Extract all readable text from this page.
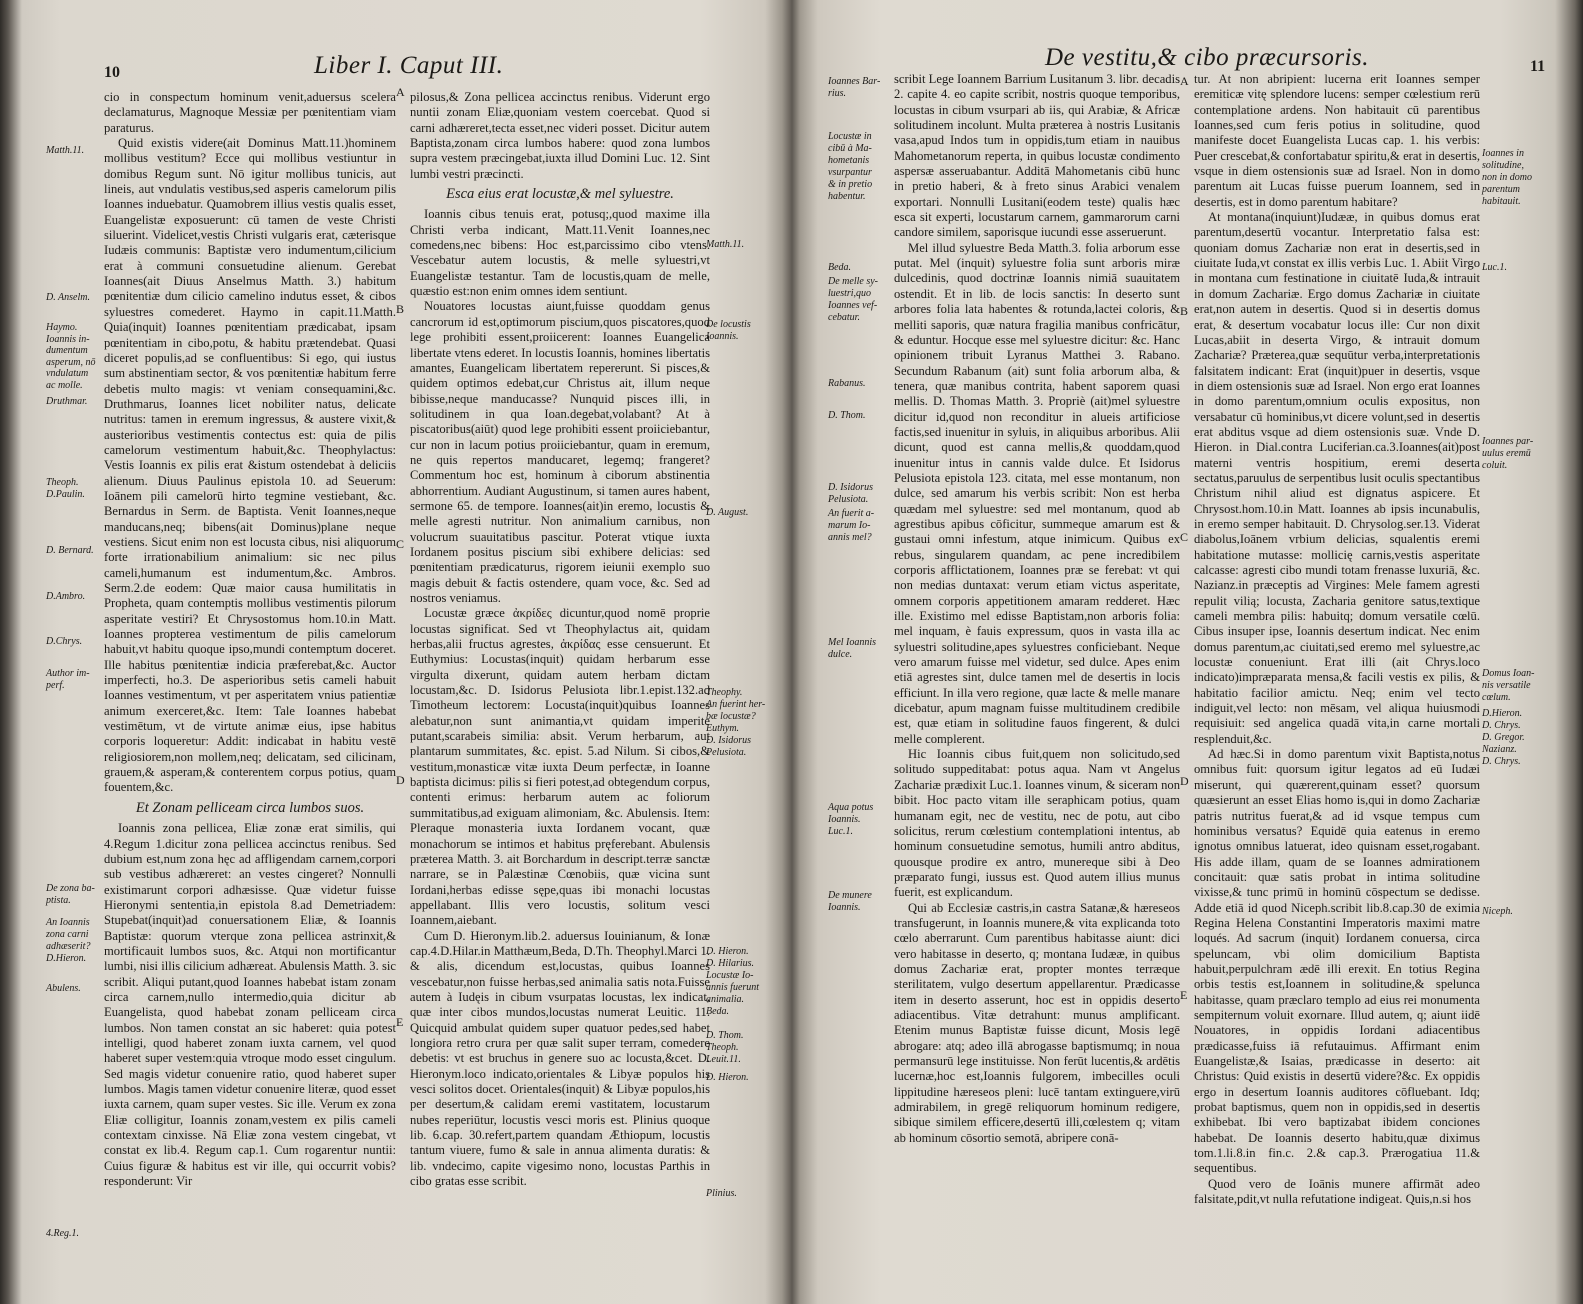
10	Liber I. Caput III.
Matth.11.
D. Anselm.
Haymo.
Ioannis in-
dumentum
asperum, nō
vndulatum
ac molle.
Druthmar.
Theoph.
D.Paulin.
D. Bernard.
D.Ambro.
D.Chrys.
Author im-
perf.
De zona ba-
ptista.
An Ioannis
zona carni
adhæserit?
D.Hieron.
Abulens.
4.Reg.1.

cio in conspectum hominum venit,aduersus scelera declamaturus, Magnoque Messiæ per pœnitentiam viam paraturus.

Quid existis videre(ait Dominus Matt.11.)hominem mollibus vestitum? Ecce qui mollibus vestiuntur in domibus Regum sunt. Nō igitur mollibus tunicis, aut lineis, aut vndulatis vestibus,sed asperis camelorum pilis Ioannes induebatur. Quamobrem illius vestis qualis esset, Euangelistæ exposuerunt: cū tamen de veste Christi siluerint. Videlicet,vestis Christi vulgaris erat, cæterisque Iudæis communis: Baptistæ vero indumentum,cilicium erat à communi consuetudine alienum. Gerebat Ioannes(ait Diuus Anselmus Matth. 3.) habitum pœnitentiæ dum cilicio camelino indutus esset, & cibos syluestres comederet. Haymo in capit.11.Matth. Quia(inquit) Ioannes pœnitentiam prædicabat, ipsam pœnitentiam in cibo,potu, & habitu prætendebat. Quasi diceret populis,ad se confluentibus: Si ego, qui iustus sum abstinentiam sector, & vos pœnitentiæ habitum ferre debetis multo magis: vt veniam consequamini,&c. Druthmarus, Ioannes licet nobiliter natus, delicate nutritus: tamen in eremum ingressus, & austere vixit,& austerioribus vestimentis contectus est: quia de pilis camelorum vestimentum habuit,&c. Theophylactus: Vestis Ioannis ex pilis erat &istum ostendebat à deliciis alienum. Diuus Paulinus epistola 10. ad Seuerum: Ioānem pili camelorū hirto tegmine vestiebant, &c. Bernardus in Serm. de Baptista. Venit Ioannes,neque manducans,neq; bibens(ait Dominus)plane neque vestiens. Sicut enim non est locusta cibus, nisi aliquorum forte irrationabilium animalium: sic nec pilus cameli,humanum est indumentum,&c. Ambros. Serm.2.de eodem: Quæ maior causa humilitatis in Propheta, quam contemptis mollibus vestimentis pilorum asperitate vestiri? Et Chrysostomus hom.10.in Matt. Ioannes propterea vestimentum de pilis camelorum habuit,vt habitu quoque ipso,mundi contemptum doceret. Ille habitus pœnitentiæ indicia præferebat,&c. Auctor imperfecti, ho.3. De asperioribus setis cameli habuit Ioannes vestimentum, vt per asperitatem vnius patientiæ animum exerceret,&c. Item: Tale Ioannes habebat vestimētum, vt de virtute animæ eius, ipse habitus corporis loqueretur: Addit: indicabat in habitu vestē religiosiorem,non mollem,neq; delicatam, sed cilicinam, grauem,& asperam,& conterentem corpus potius, quam fouentem,&c.

Et Zonam pelliceam circa lumbos suos.

Ioannis zona pellicea, Eliæ zonæ erat similis, qui 4.Regum 1.dicitur zona pellicea accinctus renibus. Sed dubium est,num zona hęc ad affligendam carnem,corpori sub vestibus adhæreret: an vestes cingeret? Nonnulli existimarunt corpori adhæsisse. Quæ videtur fuisse Hieronymi sententia,in epistola 8.ad Demetriadem: Stupebat(inquit)ad conuersationem Eliæ, & Ioannis Baptistæ: quorum vterque zona pellicea astrinxit,& mortificauit lumbos suos, &c. Atqui non mortificantur lumbi, nisi illis cilicium adhæreat. Abulensis Matth. 3. sic scribit. Aliqui putant,quod Ioannes habebat istam zonam circa carnem,nullo intermedio,quia dicitur ab Euangelista, quod habebat zonam pelliceam circa lumbos. Non tamen constat an sic haberet: quia potest intelligi, quod haberet zonam iuxta carnem, vel quod haberet super vestem:quia vtroque modo esset cingulum. Sed magis videtur conuenire ratio, quod haberet super lumbos. Magis tamen videtur conuenire literæ, quod esset iuxta carnem, quam super vestes. Sic ille. Verum ex zona Eliæ colligitur, Ioannis zonam,vestem ex pilis cameli contextam cinxisse. Nā Eliæ zona vestem cingebat, vt constat ex lib.4. Regum cap.1. Cum rogarentur nuntii: Cuius figuræ & habitus est vir ille, qui occurrit vobis? responderunt: Vir

A
B
C
D
E

pilosus,& Zona pellicea accinctus renibus. Viderunt ergo nuntii zonam Eliæ,quoniam vestem coercebat. Quod si carni adhæreret,tecta esset,nec videri posset. Dicitur autem Baptista,zonam circa lumbos habere: quod zona lumbos supra vestem præcingebat,iuxta illud Domini Luc. 12. Sint lumbi vestri præcincti.

Esca eius erat locustæ,& mel syluestre.

Ioannis cibus tenuis erat, potusq;,quod maxime illa Christi verba indicant, Matt.11.Venit Ioannes,nec comedens,nec bibens: Hoc est,parcissimo cibo vtens. Vescebatur autem locustis, & melle syluestri,vt Euangelistæ testantur. Tam de locustis,quam de melle, quæstio est:non enim omnes idem sentiunt.

Nouatores locustas aiunt,fuisse quoddam genus cancrorum id est,optimorum piscium,quos piscatores,quod lege prohibiti essent,proiicerent: Ioannes Euangelica libertate vtens ederet. In locustis Ioannis, homines libertatis amantes, Euangelicam libertatem repererunt. Si pisces,& quidem optimos edebat,cur Christus ait, illum neque bibisse,neque manducasse? Nunquid pisces illi, in solitudinem in qua Ioan.degebat,volabant? At à piscatoribus(aiūt) quod lege prohibiti essent proiiciebantur, cur non in lacum potius proiiciebantur, quam in eremum, ne quis repertos manducaret, legemq; frangeret? Commentum hoc est, hominum à ciborum abstinentia abhorrentium. Audiant Augustinum, si tamen aures habent, sermone 65. de tempore. Ioannes(ait)in eremo, locustis & melle agresti nutritur. Non animalium carnibus, non volucrum suauitatibus pascitur. Poterat vtique iuxta Iordanem positus piscium sibi exhibere delicias: sed pœnitentiam prædicaturus, rigorem ieiunii exemplo suo magis debuit & factis ostendere, quam voce, &c. Sed ad nostros veniamus.

Locustæ græce ἀκρίδες dicuntur,quod nomē proprie locustas significat. Sed vt Theophylactus ait, quidam herbas,alii fructus agrestes, ἀκρίδας esse censuerunt. Et Euthymius: Locustas(inquit) quidam herbarum esse virgulta dixerunt, quidam autem herbam dictam locustam,&c. D. Isidorus Pelusiota libr.1.epist.132.ad Timotheum lectorem: Locusta(inquit)quibus Ioannes alebatur,non sunt animantia,vt quidam imperite putant,scarabeis similia: absit. Verum herbarum, aut plantarum summitates, &c. epist. 5.ad Nilum. Si cibos,& vestitum,monasticæ vitæ iuxta Deum perfectæ, in Ioanne baptista dicimus: pilis si fieri potest,ad obtegendum corpus, contenti erimus: herbarum autem ac foliorum summitatibus,ad exiguam alimoniam, &c. Abulensis. Item: Pleraque monasteria iuxta Iordanem vocant, quæ monachorum se intimos et habitus pręferebant. Abulensis præterea Matth. 3. ait Borchardum in descript.terræ sanctæ narrare, se in Palæstinæ Cœnobiis, quæ vicina sunt Iordani,herbas edisse sępe,quas ibi monachi locustas appellabant. Illis vero locustis, solitum vesci Ioannem,aiebant.

Cum D. Hieronym.lib.2. aduersus Iouinianum, & Ionæ cap.4.D.Hilar.in Matthæum,Beda, D.Th. Theophyl.Marci 1. & alis, dicendum est,locustas, quibus Ioannes vescebatur,non fuisse herbas,sed animalia satis nota.Fuisse autem à Iudęis in cibum vsurpatas locustas, lex indicat, quæ inter cibos mundos,locustas numerat Leuitic. 11. Quicquid ambulat quidem super quatuor pedes,sed habet longiora retro crura per quæ salit super terram, comedere debetis: vt est bruchus in genere suo ac locusta,&cet. D. Hieronym.loco indicato,orientales & Libyæ populos his vesci solitos docet. Orientales(inquit) & Libyæ populos,his per desertum,& calidam eremi vastitatem, locustarum nubes reperiūtur, locustis vesci moris est. Plinius quoque lib. 6.cap. 30.refert,partem quandam Æthiopum, locustis tantum viuere, fumo & sale in annua alimenta duratis: & lib. vndecimo, capite vigesimo nono, locustas Parthis in cibo gratas esse scribit.

Matth.11.
De locustis
Ioannis.
D. August.
Theophy.
An fuerint her-
bæ locustæ?
Euthym.
D. Isidorus
Pelusiota.
D. Hieron.
D. Hilarius.
Locustæ Io-
annis fuerunt
animalia.
Beda.
D. Thom.
Theoph.
Leuit.11.
D. Hieron.
Plinius.
De vestitu,& cibo præcursoris.	11
Ioannes Bar-
rius.
Locustæ in
cibū à Ma-
hometanis
vsurpantur
& in pretio
habentur.
Beda.
De melle sy-
luestri,quo
Ioannes vef-
cebatur.
Rabanus.
D. Thom.
D. Isidorus
Pelusiota.
An fuerit a-
marum Io-
annis mel?
Mel Ioannis
dulce.
Aqua potus
Ioannis.
Luc.1.
De munere
Ioannis.

scribit Lege Ioannem Barrium Lusitanum 3. libr. decadis 2. capite 4. eo capite scribit, nostris quoque temporibus, locustas in cibum vsurpari ab iis, qui Arabiæ, & Africæ solitudinem incolunt. Multa præterea à nostris Lusitanis vasa,apud Indos tum in oppidis,tum etiam in nauibus Mahometanorum reperta, in quibus locustæ condimento aspersæ asseruabantur. Additā Mahometanis cibū hunc in pretio haberi, & à freto sinus Arabici venalem exportari. Nonnulli Lusitani(eodem teste) qualis hæc esca sit experti, locustarum carnem, gammarorum carni candore similem, saporisque iucundi esse asseruerunt.

Mel illud syluestre Beda Matth.3. folia arborum esse putat. Mel (inquit) syluestre folia sunt arboris miræ dulcedinis, quod doctrinæ Ioannis nimiā suauitatem ostendit. Et in lib. de locis sanctis: In deserto sunt arbores folia lata habentes & rotunda,lactei coloris, & melliti saporis, quæ natura fragilia manibus confricātur, & eduntur. Hocque esse mel syluestre dicitur: &c. Hanc opinionem tribuit Lyranus Matthei 3. Rabano. Secundum Rabanum (ait) sunt folia arborum alba, & tenera, quæ manibus contrita, habent saporem quasi mellis. D. Thomas Matth. 3. Propriè (ait)mel syluestre dicitur id,quod non reconditur in alueis artificiose factis,sed inuenitur in syluis, in aliquibus arboribus. Alii dicunt, quod est canna mellis,& quoddam,quod inuenitur intus in cannis valde dulce. Et Isidorus Pelusiota epistola 123. citata, mel esse montanum, non dulce, sed amarum his verbis scribit: Non est herba quædam mel syluestre: sed mel montanum, quod ab agrestibus apibus cōficitur, summeque amarum est & gustaui omni infestum, atque inimicum. Quibus ex rebus, singularem quandam, ac pene incredibilem corporis afflictationem, Ioannes præ se ferebat: vt qui non medias duntaxat: verum etiam victus asperitate, omnem corporis appetitionem amaram redderet. Hæc ille. Existimo mel edisse Baptistam,non arboris folia: mel inquam, è fauis expressum, quos in vasta illa ac syluestri solitudine,apes syluestres conficiebant. Neque vero amarum fuisse mel videtur, sed dulce. Apes enim etiā agrestes sint, dulce tamen mel de desertis in locis efficiunt. In illa vero regione, quæ lacte & melle manare dicebatur, apum magnam fuisse multitudinem credibile est, quæ etiam in solitudine fauos fingerent, & dulci melle complerent.

Hic Ioannis cibus fuit,quem non solicitudo,sed solitudo suppeditabat: potus aqua. Nam vt Angelus Zachariæ prædixit Luc.1. Ioannes vinum, & siceram non bibit. Hoc pacto vitam ille seraphicam potius, quam humanam egit, nec de vestitu, nec de potu, aut cibo solicitus, rerum cœlestium contemplationi intentus, ab hominum consuetudine semotus, humili antro abditus, quousque prodire ex antro, munereque sibi à Deo præparato fungi, iussus est. Quod autem illius munus fuerit, est explicandum.

Qui ab Ecclesiæ castris,in castra Satanæ,& hæreseos transfugerunt, in Ioannis munere,& vita explicanda toto cœlo aberrarunt. Cum parentibus habitasse aiunt: dici vero habitasse in deserto, q; montana Iudææ, in quibus domus Zachariæ erat, propter montes terræque sterilitatem, vulgo desertum appellarentur. Prædicasse item in deserto asserunt, hoc est in oppidis deserto adiacentibus. Vitæ detrahunt: munus amplificant. Etenim munus Baptistæ fuisse dicunt, Mosis legē abrogare: atq; adeo illā abrogasse baptismumq; in noua permansurū lege instituisse. Non ferūt lucentis,& ardētis lucernæ,hoc est,Ioannis fulgorem, imbecilles oculi lippitudine hæreseos pleni: lucē tantam extinguere,virū admirabilem, in gregē reliquorum hominum redigere, sibique similem efficere,desertū illi,cœlestem q; vitam ab hominum cōsortio semotā, abripere conā-

A
B
C
D
E

tur. At non abripient: lucerna erit Ioannes semper eremiticæ vitę splendore lucens: semper cœlestium rerū contemplatione ardens. Non habitauit cū parentibus Ioannes,sed cum feris potius in solitudine, quod manifeste docet Euangelista Lucas cap. 1. his verbis: Puer crescebat,& confortabatur spiritu,& erat in desertis, vsque in diem ostensionis suæ ad Israel. Non in domo parentum ait Lucas fuisse puerum Ioannem, sed in desertis, est in domo parentum habitare?

At montana(inquiunt)Iudææ, in quibus domus erat parentum,desertū vocantur. Interpretatio falsa est: quoniam domus Zachariæ non erat in desertis,sed in ciuitate Iuda,vt constat ex illis verbis Luc. 1. Abiit Virgo in montana cum festinatione in ciuitatē Iuda,& intrauit in domum Zachariæ. Ergo domus Zachariæ in ciuitate erat,non autem in desertis. Quod si in desertis domus erat, & desertum vocabatur locus ille: Cur non dixit Lucas,abiit in deserta Virgo, & intrauit domum Zachariæ? Præterea,quæ sequūtur verba,interpretationis falsitatem indicant: Erat (inquit)puer in desertis, vsque in diem ostensionis suæ ad Israel. Non ergo erat Ioannes in domo parentum,omnium oculis expositus, non versabatur cū hominibus,vt dicere volunt,sed in desertis erat abditus vsque ad diem ostensionis suæ. Vnde D. Hieron. in Dial.contra Luciferian.ca.3.Ioannes(ait)post materni ventris hospitium, eremi deserta sectatus,paruulus de serpentibus lusit oculis spectantibus Christum nihil aliud est dignatus aspicere. Et Chrysost.hom.10.in Matt. Ioannes ab ipsis incunabulis, in eremo semper habitauit. D. Chrysolog.ser.13. Viderat diabolus,Ioānem vrbium delicias, squalentis eremi habitatione mutasse: mollicię carnis,vestis asperitate calcasse: agresti cibo mundi totam frenasse luxuriā, &c. Nazianz.in præceptis ad Virgines: Mele famem agresti repulit vilią; locusta, Zacharia genitore satus,textique cameli membra pilis: habuitq; domum versatile cœlū. Cibus insuper ipse, Ioannis desertum indicat. Nec enim domus parentum,ac ciuitati,sed eremo mel syluestre,ac locustæ conueniunt. Erat illi (ait Chrys.loco indicato)impræparata mensa,& facili vestis ex pilis, & habitatio facilior amictu. Neq; enim vel tecto indiguit,vel lecto: non mēsam, vel aliqua huiusmodi requisiuit: sed angelica quadā vita,in carne mortali resplenduit,&c.

Ad hæc.Si in domo parentum vixit Baptista,notus omnibus fuit: quorsum igitur legatos ad eū Iudæi miserunt, qui quærerent,quinam esset? quorsum quæsierunt an esset Elias homo is,qui in domo Zachariæ patris nutritus fuerat,& ad id vsque tempus cum hominibus versatus? Equidē quia eatenus in eremo ignotus omnibus latuerat, ideo quisnam esset,rogabant. His adde illam, quam de se Ioannes admirationem concitauit: quæ satis probat in intima solitudine vixisse,& tunc primū in hominū cōspectum se dedisse. Adde etiā id quod Niceph.scribit lib.8.cap.30 de eximia Regina Helena Constantini Imperatoris maximi matre loqués. Ad sacrum (inquit) Iordanem conuersa, circa speluncam, vbi olim domicilium Baptista habuit,perpulchram ædē illi erexit. En totius Regina orbis testis est,Ioannem in solitudine,& spelunca habitasse, quam præclaro templo ad eius rei monumenta sempiternum voluit exornare. Illud autem, q; aiunt iidē Nouatores, in oppidis Iordani adiacentibus prædicasse,fuiss iā refutauimus. Affirmant enim Euangelistæ,& Isaias, prædicasse in deserto: ait Christus: Quid existis in desertū videre?&c. Ex oppidis ergo in desertum Ioannis auditores cōfluebant. Idq; probat baptismus, quem non in oppidis,sed in desertis exhibebat. Ibi vero baptizabat ibidem conciones habebat. De Ioannis deserto habitu,quæ diximus tom.1.li.8.in fin.c. 2.& cap.3. Prærogatiua 11.& sequentibus.

Quod vero de Ioānis munere affirmāt adeo falsitate,pdit,vt nulla refutatione indigeat. Quis,n.si hos

Ioannes in
solitudine,
non in domo
parentum
habitauit.
Luc.1.
Ioannes par-
uulus eremū
coluit.
Domus Ioan-
nis versatile
cœlum.
D.Hieron.
D. Chrys.
D. Gregor.
Nazianz.
D. Chrys.
Niceph.
